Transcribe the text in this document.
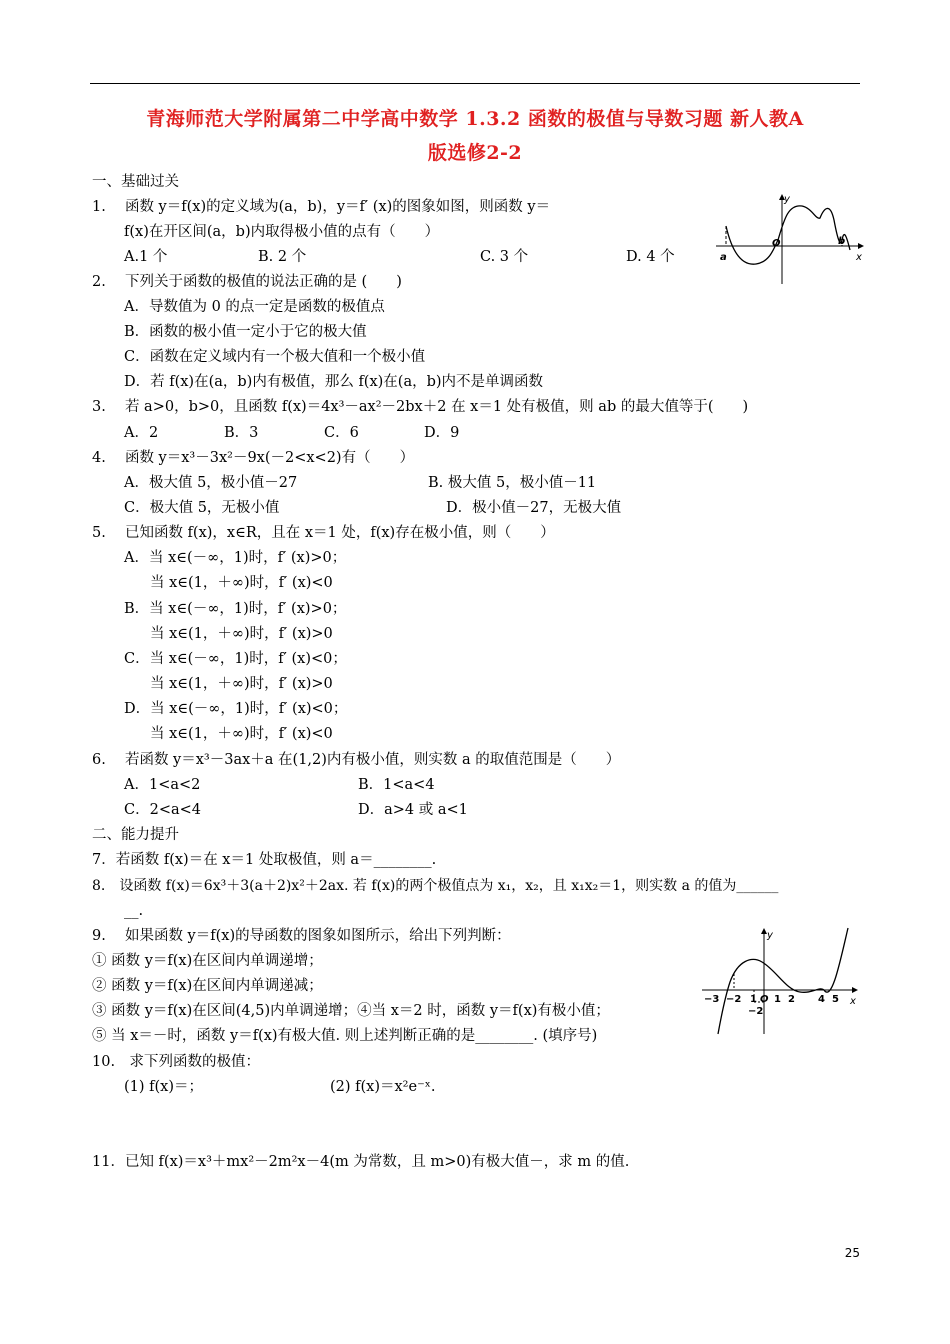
青海师范大学附属第二中学高中数学 1.3.2 函数的极值与导数习题 新人教A
版选修2-2
一、基础过关
1.　 函数 y＝f(x)的定义域为(a，b)，y＝f′ (x)的图象如图，则函数 y＝
f(x)在开区间(a，b)内取得极小值的点有（　　）
A.1 个	B. 2 个	C. 3 个	D. 4 个
y
x
a
b
O
2.　 下列关于函数的极值的说法正确的是 (　　)
A．导数值为 0 的点一定是函数的极值点
B．函数的极小值一定小于它的极大值
C．函数在定义域内有一个极大值和一个极小值
D．若 f(x)在(a，b)内有极值，那么 f(x)在(a，b)内不是单调函数
3.　 若 a>0，b>0，且函数 f(x)＝4x³－ax²－2bx＋2 在 x＝1 处有极值，则 ab 的最大值等于(　　)
A．2	B．3	C．6	D．9
4.　 函数 y＝x³－3x²－9x(－2<x<2)有（　　）
A．极大值 5，极小值－27	B. 极大值 5，极小值－11
C．极大值 5，无极小值	D．极小值－27，无极大值
5.　 已知函数 f(x)，x∈R，且在 x＝1 处，f(x)存在极小值，则（　　）
A．当 x∈(－∞，1)时，f′ (x)>0；
当 x∈(1，＋∞)时，f′ (x)<0
B．当 x∈(－∞，1)时，f′ (x)>0；
当 x∈(1，＋∞)时，f′ (x)>0
C．当 x∈(－∞，1)时，f′ (x)<0；
当 x∈(1，＋∞)时，f′ (x)>0
D．当 x∈(－∞，1)时，f′ (x)<0；
当 x∈(1，＋∞)时，f′ (x)<0
6.　 若函数 y＝x³－3ax＋a 在(1,2)内有极小值，则实数 a 的取值范围是（　　）
A．1<a<2	B．1<a<4
C．2<a<4	D．a>4 或 a<1
二、能力提升
7．若函数 f(x)＝在 x＝1 处取极值，则 a＝________.
8.　设函数 f(x)＝6x³＋3(a＋2)x²＋2ax. 若 f(x)的两个极值点为 x₁，x₂，且 x₁x₂＝1，则实数 a 的值为______
__.
9.　 如果函数 y＝f(x)的导函数的图象如图所示，给出下列判断：
① 函数 y＝f(x)在区间内单调递增；
② 函数 y＝f(x)在区间内单调递减；
③ 函数 y＝f(x)在区间(4,5)内单调递增；④当 x＝2 时，函数 y＝f(x)有极小值；
⑤ 当 x＝－时，函数 y＝f(x)有极大值. 则上述判断正确的是________. (填序号)
y
x
−3 −2 1 O 1 2 4 5
−2
10.　求下列函数的极值：
(1) f(x)＝；	(2) f(x)＝x²e⁻ˣ.
11．已知 f(x)＝x³＋mx²－2m²x－4(m 为常数，且 m>0)有极大值－，求 m 的值.
25
